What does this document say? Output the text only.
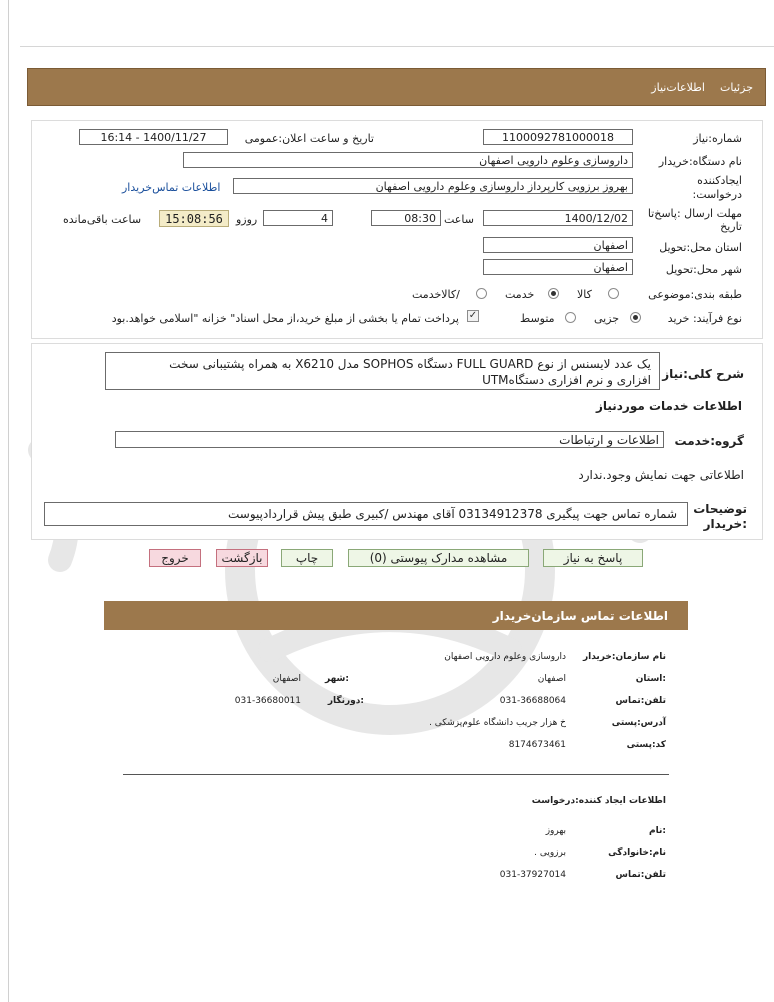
جزئیات
اطلاعات‌نیاز
شماره:نیاز
1100092781000018
تاریخ و ساعت اعلان:عمومی
16:14 - 1400/11/27
نام دستگاه:خریدار
داروسازی وعلوم دارویی اصفهان
ایجادکننده
درخواست:
بهروز برزویی کارپرداز داروسازی وعلوم دارویی اصفهان
اطلاعات تماس‌خریدار
مهلت ارسال :پاسخ‌تا
تاریخ
1400/12/02
ساعت
08:30
4
روزو
15:08:56
ساعت باقی‌مانده
استان محل:تحویل
اصفهان
شهر محل:تحویل
اصفهان
طبقه بندی:موضوعی
کالا
خدمت
/کالاخدمت
نوع فرآیند: خرید
جزیی
متوسط
✓
پرداخت تمام یا بخشی از مبلغ خرید،از محل اسناد" خزانه "اسلامی خواهد.بود
شرح کلی:نیاز
یک عدد لایسنس از نوع FULL GUARD دستگاه SOPHOS مدل X6210 به همراه پشتیبانی سخت
افزاری و نرم افزاری دستگاهUTM
اطلاعات خدمات موردنیاز
گروه:خدمت
اطلاعات و ارتباطات
اطلاعاتی جهت نمایش وجود.ندارد
توضیحات
:خریدار
شماره تماس جهت پیگیری 03134912378 آقای مهندس /کبیری طبق پیش قراردادپیوست
پاسخ به نیاز
مشاهده مدارک پیوستی (0)
چاپ
بازگشت
خروج
اطلاعات تماس سازمان‌خریدار
نام سازمان:خریدار
داروسازی وعلوم دارویی اصفهان
:استان
اصفهان
:شهر
اصفهان
تلفن:تماس
031-36688064
:دورنگار
031-36680011
آدرس:پستی
خ هزار جریب دانشگاه علوم‌پزشکی .
کد:پستی
8174673461
اطلاعات ایجاد کننده:درخواست
:نام
بهروز
نام:خانوادگی
برزویی .
تلفن:تماس
031-37927014
